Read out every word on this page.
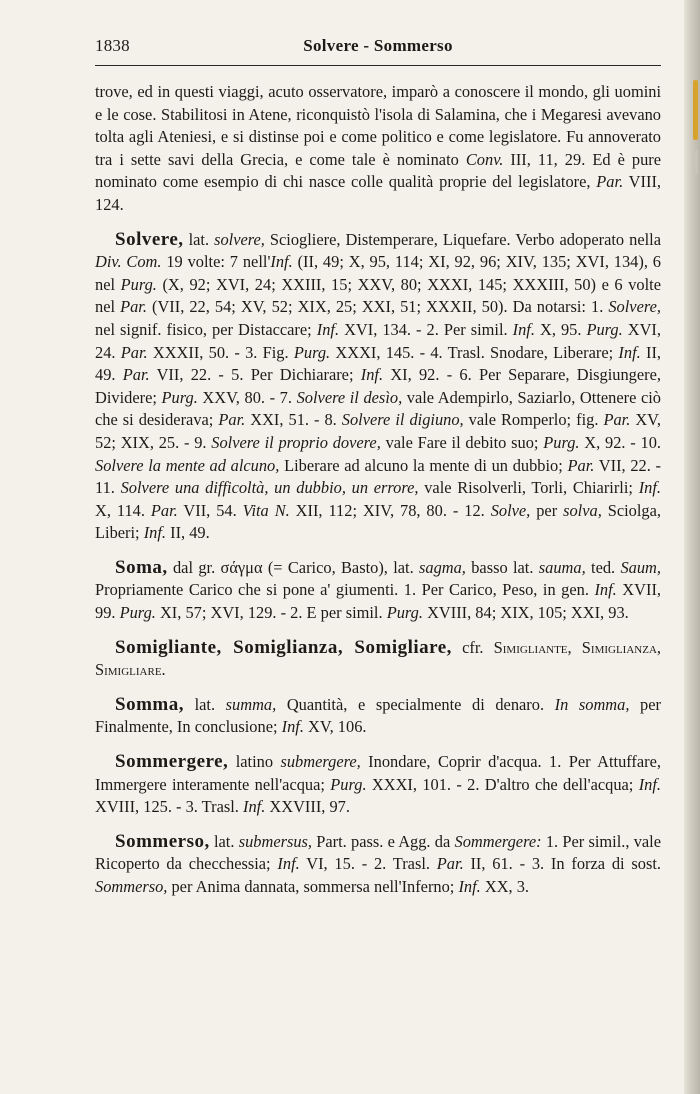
1838	Solvere - Sommerso

trove, ed in questi viaggi, acuto osservatore, imparò a conoscere il mondo, gli uomini e le cose. Stabilitosi in Atene, riconquistò l'isola di Salamina, che i Megaresi avevano tolta agli Ateniesi, e si distinse poi e come politico e come legislatore. Fu annoverato tra i sette savi della Grecia, e come tale è nominato Conv. III, 11, 29. Ed è pure nominato come esempio di chi nasce colle qualità proprie del legislatore, Par. VIII, 124.

Solvere, lat. solvere, Sciogliere, Distemperare, Liquefare. Verbo adoperato nella Div. Com. 19 volte: 7 nell'Inf. (II, 49; X, 95, 114; XI, 92, 96; XIV, 135; XVI, 134), 6 nel Purg. (X, 92; XVI, 24; XXIII, 15; XXV, 80; XXXI, 145; XXXIII, 50) e 6 volte nel Par. (VII, 22, 54; XV, 52; XIX, 25; XXI, 51; XXXII, 50). Da notarsi: 1. Solvere, nel signif. fisico, per Distaccare; Inf. XVI, 134. - 2. Per simil. Inf. X, 95. Purg. XVI, 24. Par. XXXII, 50. - 3. Fig. Purg. XXXI, 145. - 4. Trasl. Snodare, Liberare; Inf. II, 49. Par. VII, 22. - 5. Per Dichiarare; Inf. XI, 92. - 6. Per Separare, Disgiungere, Dividere; Purg. XXV, 80. - 7. Solvere il desìo, vale Adempirlo, Saziarlo, Ottenere ciò che si desiderava; Par. XXI, 51. - 8. Solvere il digiuno, vale Romperlo; fig. Par. XV, 52; XIX, 25. - 9. Solvere il proprio dovere, vale Fare il debito suo; Purg. X, 92. - 10. Solvere la mente ad alcuno, Liberare ad alcuno la mente di un dubbio; Par. VII, 22. - 11. Solvere una difficoltà, un dubbio, un errore, vale Risolverli, Torli, Chiarirli; Inf. X, 114. Par. VII, 54. Vita N. XII, 112; XIV, 78, 80. - 12. Solve, per solva, Sciolga, Liberi; Inf. II, 49.

Soma, dal gr. σάγμα (= Carico, Basto), lat. sagma, basso lat. sauma, ted. Saum, Propriamente Carico che si pone a' giumenti. 1. Per Carico, Peso, in gen. Inf. XVII, 99. Purg. XI, 57; XVI, 129. - 2. E per simil. Purg. XVIII, 84; XIX, 105; XXI, 93.

Somigliante, Somiglianza, Somigliare, cfr. Simigliante, Simiglianza, Simigliare.

Somma, lat. summa, Quantità, e specialmente di denaro. In somma, per Finalmente, In conclusione; Inf. XV, 106.

Sommergere, latino submergere, Inondare, Coprir d'acqua. 1. Per Attuffare, Immergere interamente nell'acqua; Purg. XXXI, 101. - 2. D'altro che dell'acqua; Inf. XVIII, 125. - 3. Trasl. Inf. XXVIII, 97.

Sommerso, lat. submersus, Part. pass. e Agg. da Sommergere: 1. Per simil., vale Ricoperto da checchessia; Inf. VI, 15. - 2. Trasl. Par. II, 61. - 3. In forza di sost. Sommerso, per Anima dannata, sommersa nell'Inferno; Inf. XX, 3.
